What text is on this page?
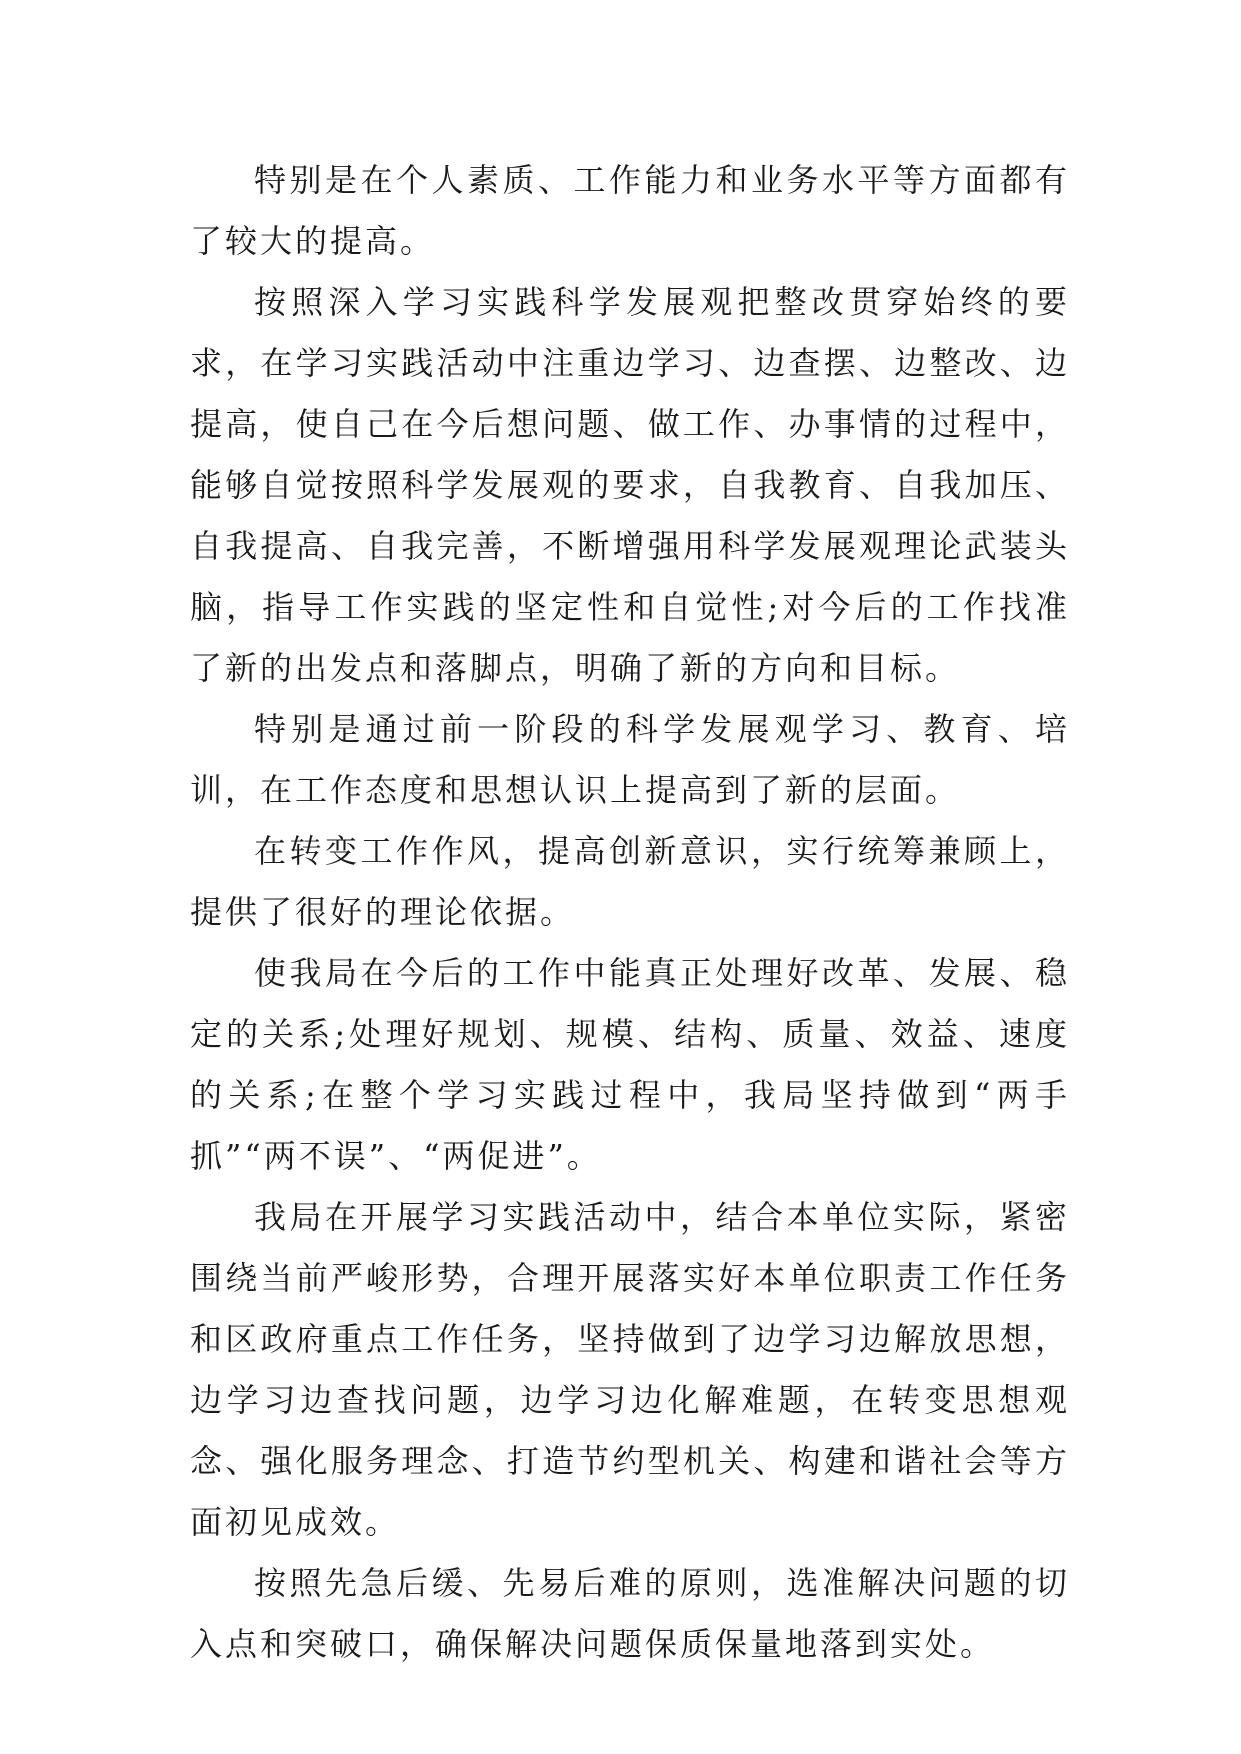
特别是在个人素质、工作能力和业务水平等方面都有了较大的提高。

按照深入学习实践科学发展观把整改贯穿始终的要求，在学习实践活动中注重边学习、边查摆、边整改、边提高，使自己在今后想问题、做工作、办事情的过程中，能够自觉按照科学发展观的要求，自我教育、自我加压、自我提高、自我完善，不断增强用科学发展观理论武装头脑，指导工作实践的坚定性和自觉性;对今后的工作找准了新的出发点和落脚点，明确了新的方向和目标。

特别是通过前一阶段的科学发展观学习、教育、培训，在工作态度和思想认识上提高到了新的层面。

在转变工作作风，提高创新意识，实行统筹兼顾上，提供了很好的理论依据。

使我局在今后的工作中能真正处理好改革、发展、稳定的关系;处理好规划、规模、结构、质量、效益、速度的关系;在整个学习实践过程中，我局坚持做到“两手抓”“两不误”、“两促进”。

我局在开展学习实践活动中，结合本单位实际，紧密围绕当前严峻形势，合理开展落实好本单位职责工作任务和区政府重点工作任务，坚持做到了边学习边解放思想，边学习边查找问题，边学习边化解难题，在转变思想观念、强化服务理念、打造节约型机关、构建和谐社会等方面初见成效。

按照先急后缓、先易后难的原则，选准解决问题的切入点和突破口，确保解决问题保质保量地落到实处。
